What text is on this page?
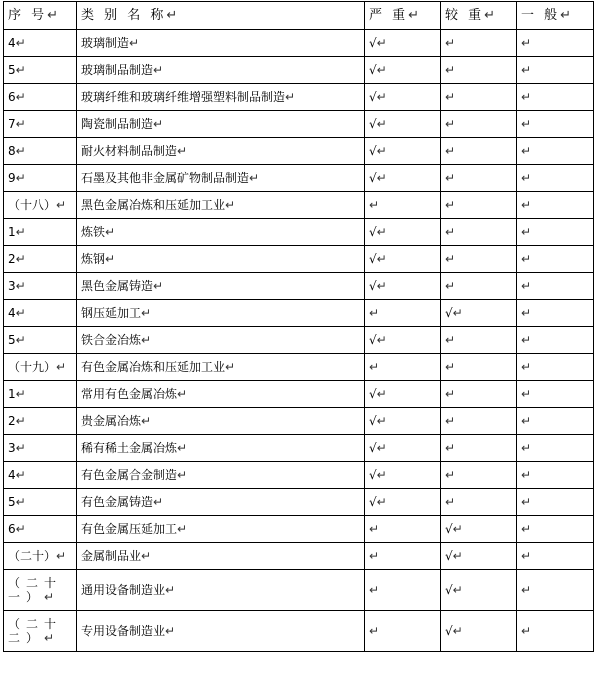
序 号↵	类 别 名 称↵	严 重↵	较 重↵	一 般↵
4↵	玻璃制造↵	√↵	↵	↵
5↵	玻璃制品制造↵	√↵	↵	↵
6↵	玻璃纤维和玻璃纤维增强塑料制品制造↵	√↵	↵	↵
7↵	陶瓷制品制造↵	√↵	↵	↵
8↵	耐火材料制品制造↵	√↵	↵	↵
9↵	石墨及其他非金属矿物制品制造↵	√↵	↵	↵
（十八）↵	黑色金属冶炼和压延加工业↵	↵	↵	↵
1↵	炼铁↵	√↵	↵	↵
2↵	炼钢↵	√↵	↵	↵
3↵	黑色金属铸造↵	√↵	↵	↵
4↵	钢压延加工↵	↵	√↵	↵
5↵	铁合金冶炼↵	√↵	↵	↵
（十九）↵	有色金属冶炼和压延加工业↵	↵	↵	↵
1↵	常用有色金属冶炼↵	√↵	↵	↵
2↵	贵金属冶炼↵	√↵	↵	↵
3↵	稀有稀土金属冶炼↵	√↵	↵	↵
4↵	有色金属合金制造↵	√↵	↵	↵
5↵	有色金属铸造↵	√↵	↵	↵
6↵	有色金属压延加工↵	↵	√↵	↵
（二十）↵	金属制品业↵	↵	√↵	↵
（二十一）↵	通用设备制造业↵	↵	√↵	↵
（二十二）↵	专用设备制造业↵	↵	√↵	↵
